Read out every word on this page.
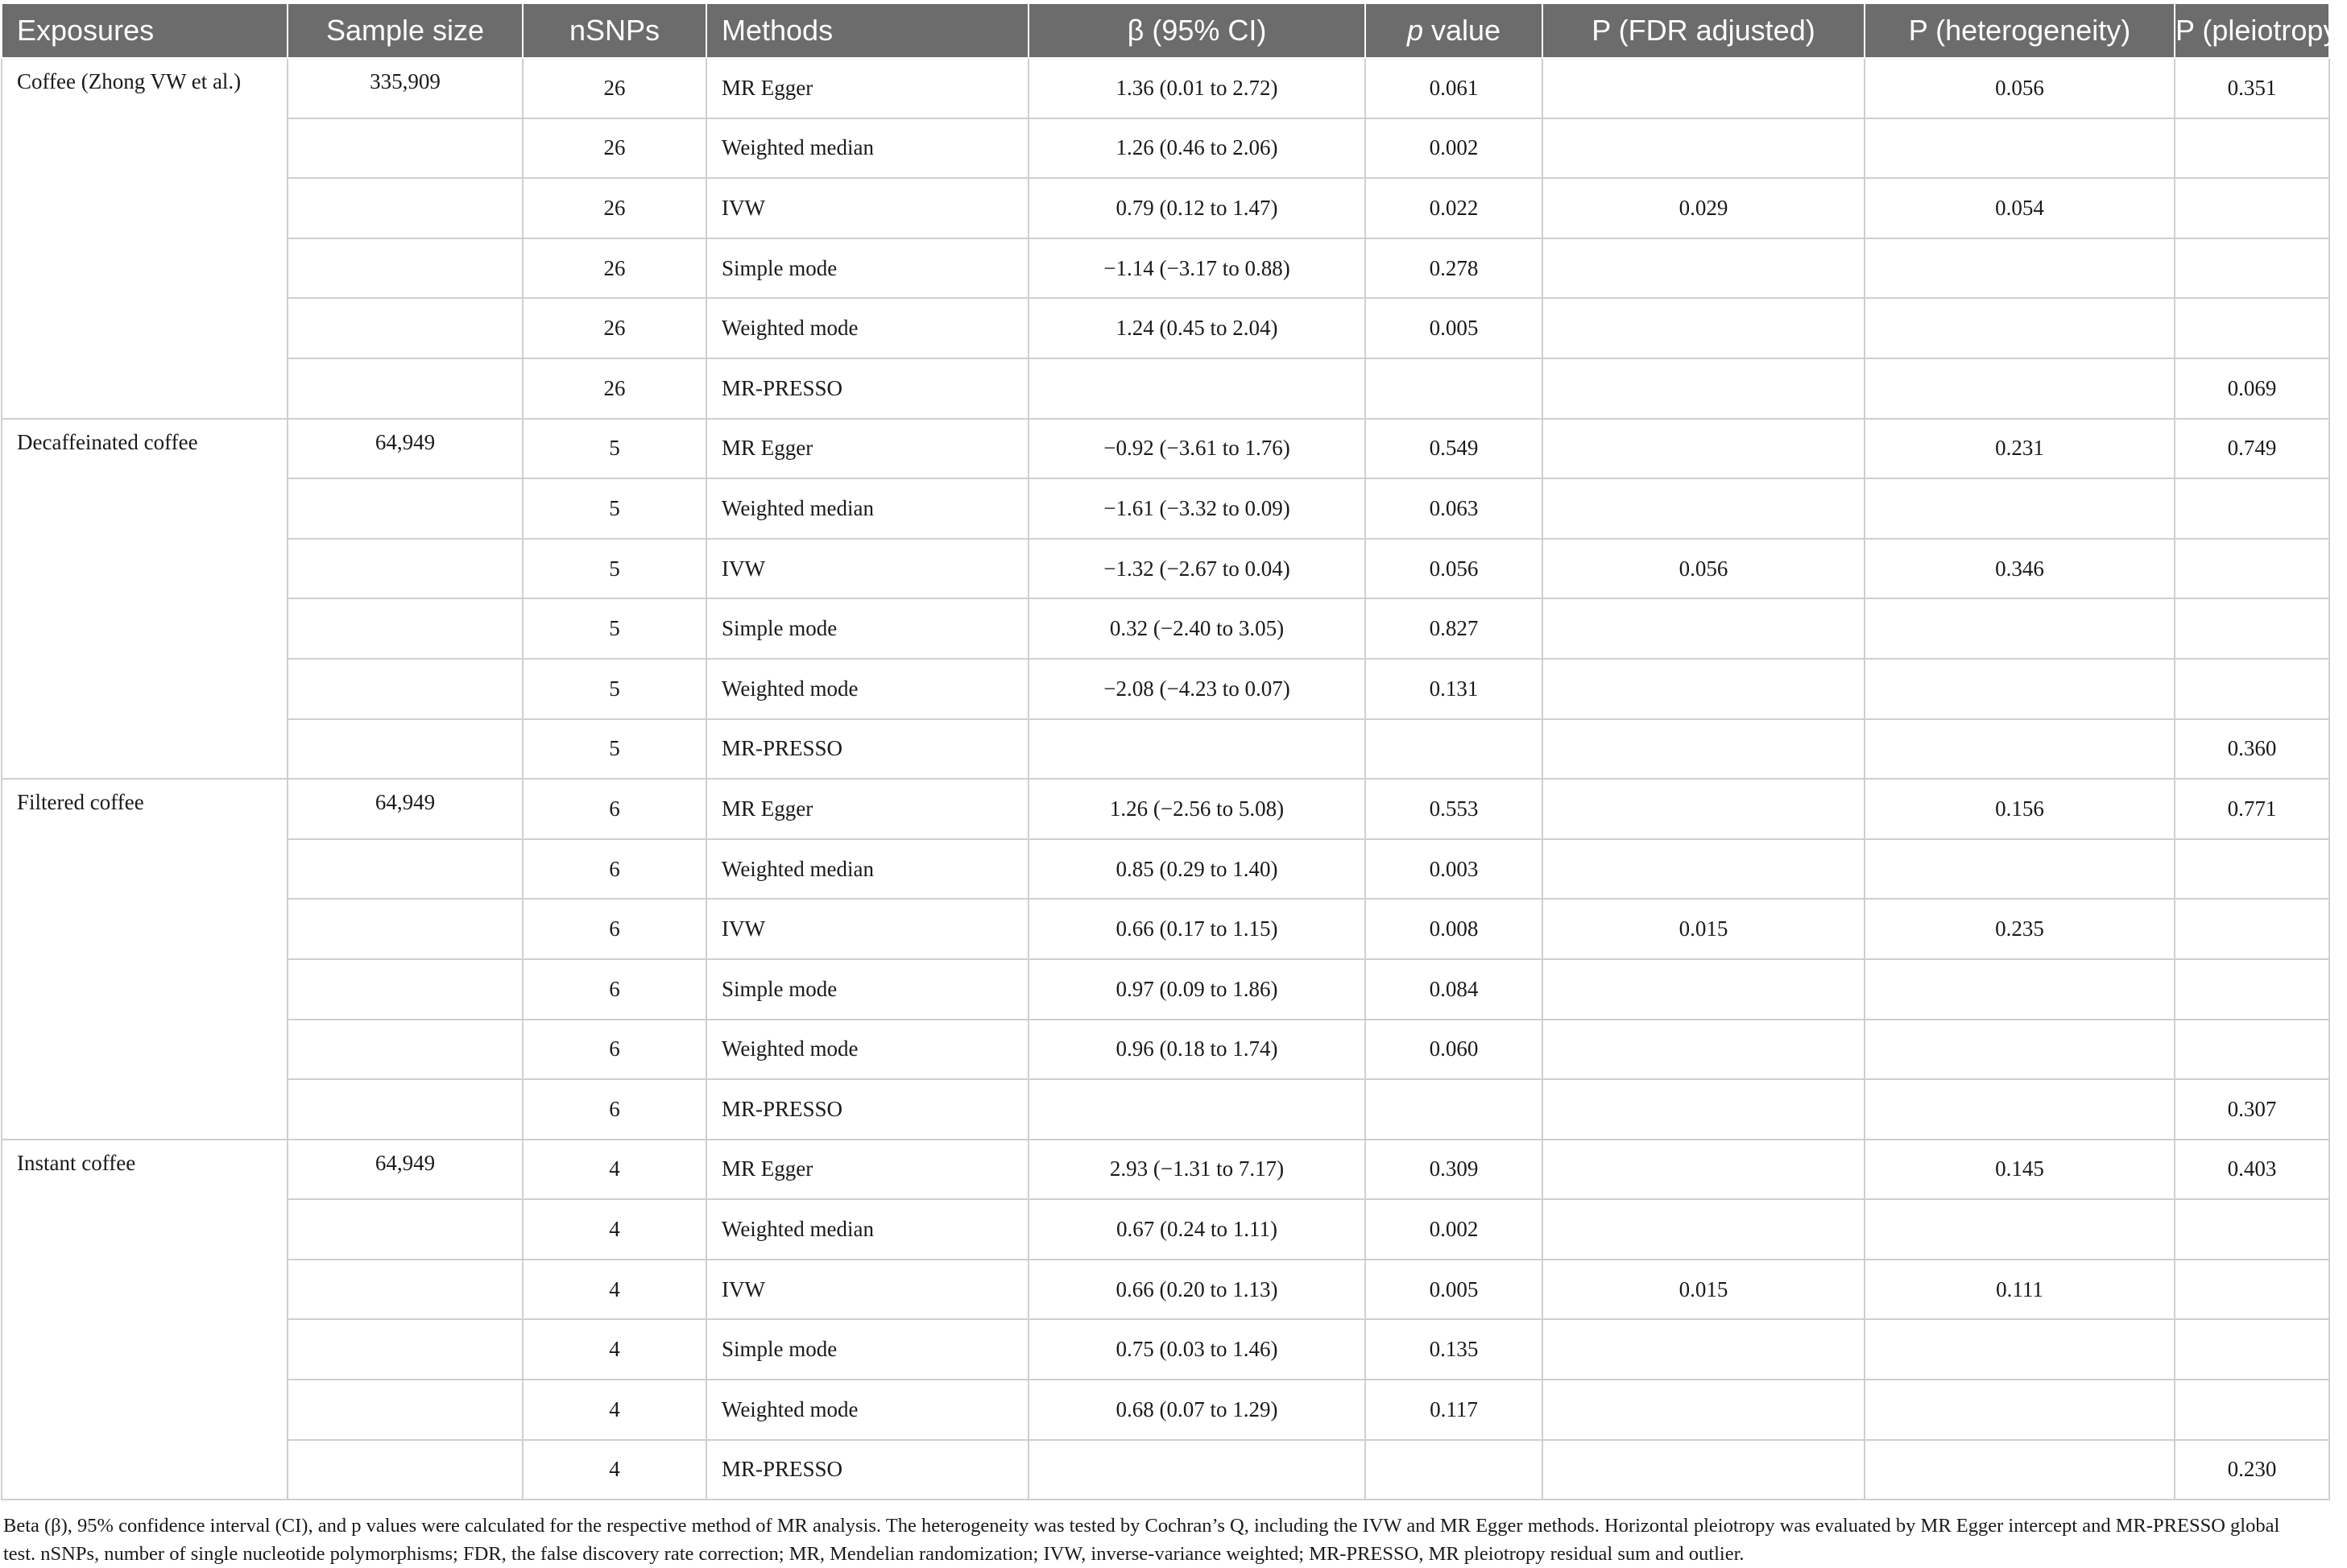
Exposures	Sample size	nSNPs	Methods	β (95% CI)	p value	P (FDR adjusted)	P (heterogeneity)	P (pleiotropy)
Coffee (Zhong VW et al.)	335,909	26	MR Egger	1.36 (0.01 to 2.72)	0.061		0.056	0.351
		26	Weighted median	1.26 (0.46 to 2.06)	0.002			
		26	IVW	0.79 (0.12 to 1.47)	0.022	0.029	0.054	
		26	Simple mode	−1.14 (−3.17 to 0.88)	0.278			
		26	Weighted mode	1.24 (0.45 to 2.04)	0.005			
		26	MR-PRESSO					0.069
Decaffeinated coffee	64,949	5	MR Egger	−0.92 (−3.61 to 1.76)	0.549		0.231	0.749
		5	Weighted median	−1.61 (−3.32 to 0.09)	0.063			
		5	IVW	−1.32 (−2.67 to 0.04)	0.056	0.056	0.346	
		5	Simple mode	0.32 (−2.40 to 3.05)	0.827			
		5	Weighted mode	−2.08 (−4.23 to 0.07)	0.131			
		5	MR-PRESSO					0.360
Filtered coffee	64,949	6	MR Egger	1.26 (−2.56 to 5.08)	0.553		0.156	0.771
		6	Weighted median	0.85 (0.29 to 1.40)	0.003			
		6	IVW	0.66 (0.17 to 1.15)	0.008	0.015	0.235	
		6	Simple mode	0.97 (0.09 to 1.86)	0.084			
		6	Weighted mode	0.96 (0.18 to 1.74)	0.060			
		6	MR-PRESSO					0.307
Instant coffee	64,949	4	MR Egger	2.93 (−1.31 to 7.17)	0.309		0.145	0.403
		4	Weighted median	0.67 (0.24 to 1.11)	0.002			
		4	IVW	0.66 (0.20 to 1.13)	0.005	0.015	0.111	
		4	Simple mode	0.75 (0.03 to 1.46)	0.135			
		4	Weighted mode	0.68 (0.07 to 1.29)	0.117			
		4	MR-PRESSO					0.230
Beta (β), 95% confidence interval (CI), and p values were calculated for the respective method of MR analysis. The heterogeneity was tested by Cochran’s Q, including the IVW and MR Egger methods. Horizontal pleiotropy was evaluated by MR Egger intercept and MR-PRESSO global test. nSNPs, number of single nucleotide polymorphisms; FDR, the false discovery rate correction; MR, Mendelian randomization; IVW, inverse-variance weighted; MR-PRESSO, MR pleiotropy residual sum and outlier.
